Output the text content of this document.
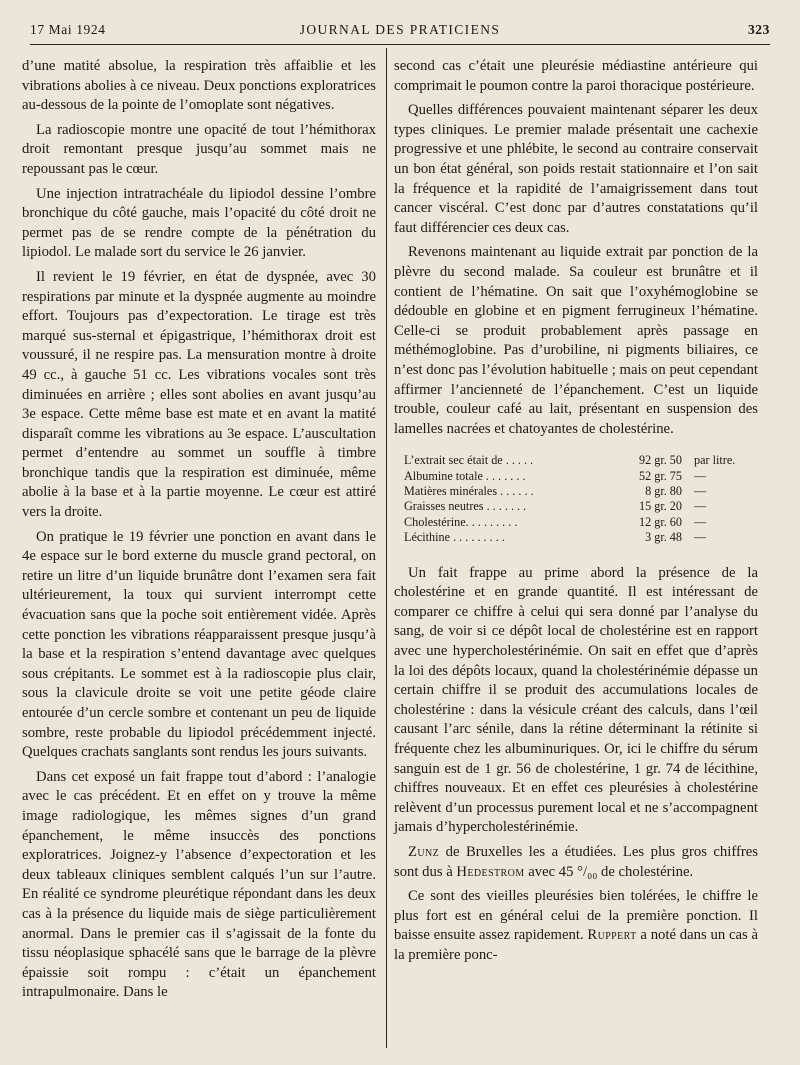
17 Mai 1924	JOURNAL DES PRATICIENS	323

d’une matité absolue, la respiration très affaiblie et les vibrations abolies à ce niveau. Deux ponctions exploratrices au-dessous de la pointe de l’omoplate sont négatives.

La radioscopie montre une opacité de tout l’hémithorax droit remontant presque jusqu’au sommet mais ne repoussant pas le cœur.

Une injection intratrachéale du lipiodol dessine l’ombre bronchique du côté gauche, mais l’opacité du côté droit ne permet pas de se rendre compte de la pénétration du lipiodol. Le malade sort du service le 26 janvier.

Il revient le 19 février, en état de dyspnée, avec 30 respirations par minute et la dyspnée augmente au moindre effort. Toujours pas d’expectoration. Le tirage est très marqué sus-sternal et épigastrique, l’hémithorax droit est voussuré, il ne respire pas. La mensuration montre à droite 49 cc., à gauche 51 cc. Les vibrations vocales sont très diminuées en arrière ; elles sont abolies en avant jusqu’au 3e espace. Cette même base est mate et en avant la matité disparaît comme les vibrations au 3e espace. L’auscultation permet d’entendre au sommet un souffle à timbre bronchique tandis que la respiration est diminuée, même abolie à la base et à la partie moyenne. Le cœur est attiré vers la droite.

On pratique le 19 février une ponction en avant dans le 4e espace sur le bord externe du muscle grand pectoral, on retire un litre d’un liquide brunâtre dont l’examen sera fait ultérieurement, la toux qui survient interrompt cette évacuation sans que la poche soit entièrement vidée. Après cette ponction les vibrations réapparaissent presque jusqu’à la base et la respiration s’entend davantage avec quelques sous crépitants. Le sommet est à la radioscopie plus clair, sous la clavicule droite se voit une petite géode claire entourée d’un cercle sombre et contenant un peu de liquide sombre, reste probable du lipiodol précédemment injecté. Quelques crachats sanglants sont rendus les jours suivants.

Dans cet exposé un fait frappe tout d’abord : l’analogie avec le cas précédent. Et en effet on y trouve la même image radiologique, les mêmes signes d’un grand épanchement, le même insuccès des ponctions exploratrices. Joignez-y l’absence d’expectoration et les deux tableaux cliniques semblent calqués l’un sur l’autre. En réalité ce syndrome pleurétique répondant dans les deux cas à la présence du liquide mais de siège particulièrement anormal. Dans le premier cas il s’agissait de la fonte du tissu néoplasique sphacélé sans que le barrage de la plèvre épaissie soit rompu : c’était un épanchement intrapulmonaire. Dans le

second cas c’était une pleurésie médiastine antérieure qui comprimait le poumon contre la paroi thoracique postérieure.

Quelles différences pouvaient maintenant séparer les deux types cliniques. Le premier malade présentait une cachexie progressive et une phlébite, le second au contraire conservait un bon état général, son poids restait stationnaire et l’on sait la fréquence et la rapidité de l’amaigrissement dans tout cancer viscéral. C’est donc par d’autres constatations qu’il faut différencier ces deux cas.

Revenons maintenant au liquide extrait par ponction de la plèvre du second malade. Sa couleur est brunâtre et il contient de l’hématine. On sait que l’oxyhémoglobine se dédouble en globine et en pigment ferrugineux l’hématine. Celle-ci se produit probablement après passage en méthémoglobine. Pas d’urobiline, ni pigments biliaires, ce n’est donc pas l’évolution habituelle ; mais on peut cependant affirmer l’ancienneté de l’épanchement. C’est un liquide trouble, couleur café au lait, présentant en suspension des lamelles nacrées et chatoyantes de cholestérine.

L’extrait sec était de . . . . .	92 gr. 50 par litre.
Albumine totale . . . . . . .	52 gr. 75 —
Matières minérales . . . . . .	8 gr. 80 —
Graisses neutres . . . . . . .	15 gr. 20 —
Cholestérine. . . . . . . . .	12 gr. 60 —
Lécithine . . . . . . . . .	3 gr. 48 —

Un fait frappe au prime abord la présence de la cholestérine et en grande quantité. Il est intéressant de comparer ce chiffre à celui qui sera donné par l’analyse du sang, de voir si ce dépôt local de cholestérine est en rapport avec une hypercholestérinémie. On sait en effet que d’après la loi des dépôts locaux, quand la cholestérinémie dépasse un certain chiffre il se produit des accumulations locales de cholestérine : dans la vésicule créant des calculs, dans l’œil causant l’arc sénile, dans la rétine déterminant la rétinite si fréquente chez les albuminuriques. Or, ici le chiffre du sérum sanguin est de 1 gr. 56 de cholestérine, 1 gr. 74 de lécithine, chiffres nouveaux. Et en effet ces pleurésies à cholestérine relèvent d’un processus purement local et ne s’accompagnent jamais d’hypercholestérinémie.

Zunz de Bruxelles les a étudiées. Les plus gros chiffres sont dus à Hedestrom avec 45 °/₀₀ de cholestérine.

Ce sont des vieilles pleurésies bien tolérées, le chiffre le plus fort est en général celui de la première ponction. Il baisse ensuite assez rapidement. Ruppert a noté dans un cas à la première ponc-
